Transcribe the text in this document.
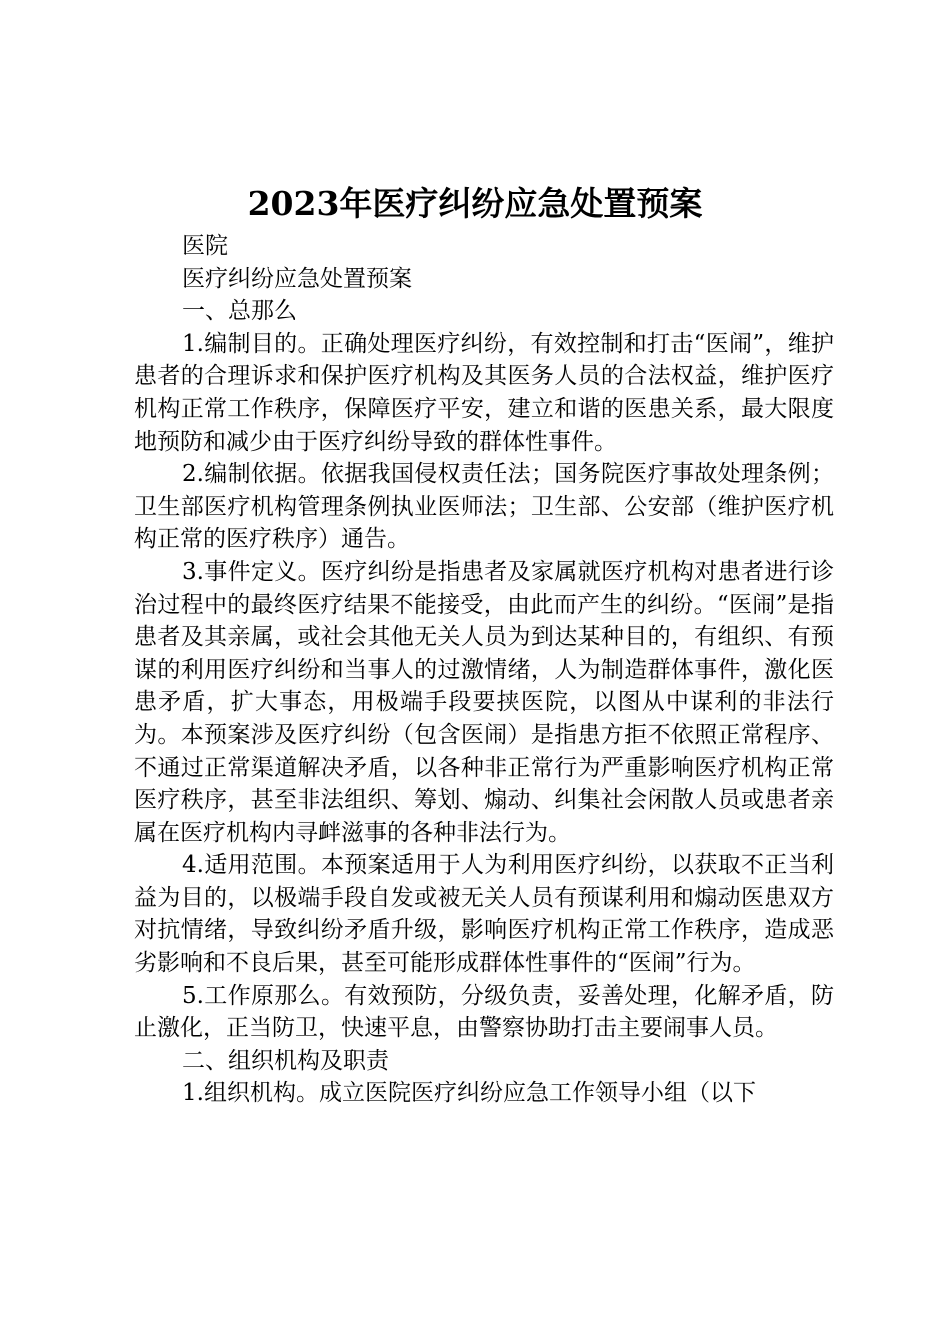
2023年医疗纠纷应急处置预案

医院

医疗纠纷应急处置预案

一、总那么

1.编制目的。正确处理医疗纠纷，有效控制和打击“医闹”，维护患者的合理诉求和保护医疗机构及其医务人员的合法权益，维护医疗机构正常工作秩序，保障医疗平安，建立和谐的医患关系，最大限度地预防和减少由于医疗纠纷导致的群体性事件。

2.编制依据。依据我国侵权责任法；国务院医疗事故处理条例；卫生部医疗机构管理条例执业医师法；卫生部、公安部（维护医疗机构正常的医疗秩序）通告。

3.事件定义。医疗纠纷是指患者及家属就医疗机构对患者进行诊治过程中的最终医疗结果不能接受，由此而产生的纠纷。“医闹”是指患者及其亲属，或社会其他无关人员为到达某种目的，有组织、有预谋的利用医疗纠纷和当事人的过激情绪，人为制造群体事件，激化医患矛盾，扩大事态，用极端手段要挟医院，以图从中谋利的非法行为。本预案涉及医疗纠纷（包含医闹）是指患方拒不依照正常程序、不通过正常渠道解决矛盾，以各种非正常行为严重影响医疗机构正常医疗秩序，甚至非法组织、筹划、煽动、纠集社会闲散人员或患者亲属在医疗机构内寻衅滋事的各种非法行为。

4.适用范围。本预案适用于人为利用医疗纠纷，以获取不正当利益为目的，以极端手段自发或被无关人员有预谋利用和煽动医患双方对抗情绪，导致纠纷矛盾升级，影响医疗机构正常工作秩序，造成恶劣影响和不良后果，甚至可能形成群体性事件的“医闹”行为。

5.工作原那么。有效预防，分级负责，妥善处理，化解矛盾，防止激化，正当防卫，快速平息，由警察协助打击主要闹事人员。

二、组织机构及职责

1.组织机构。成立医院医疗纠纷应急工作领导小组（以下
